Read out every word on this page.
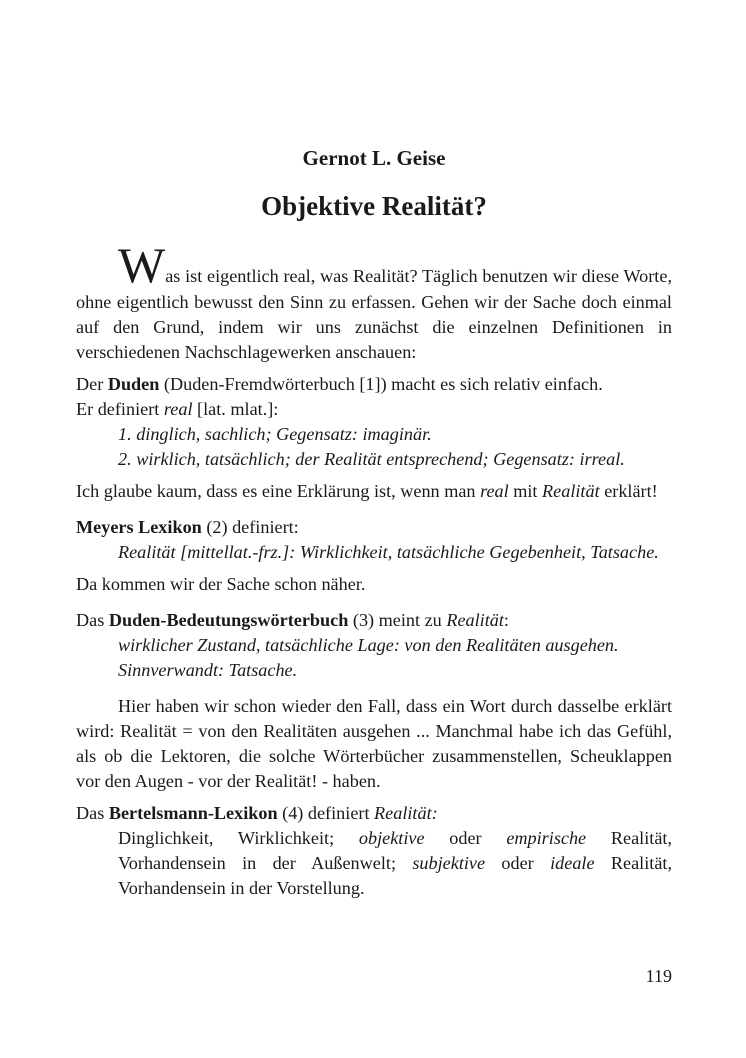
Gernot L. Geise
Objektive Realität?

Was ist eigentlich real, was Realität? Täglich benutzen wir diese Worte, ohne eigentlich bewusst den Sinn zu erfassen. Gehen wir der Sache doch einmal auf den Grund, indem wir uns zunächst die einzelnen Definitionen in verschiedenen Nachschlagewerken anschauen:

Der Duden (Duden-Fremdwörterbuch [1]) macht es sich relativ einfach.
Er definiert real [lat. mlat.]:

1. dinglich, sachlich; Gegensatz: imaginär.

2. wirklich, tatsächlich; der Realität entsprechend; Gegensatz: irreal.

Ich glaube kaum, dass es eine Erklärung ist, wenn man real mit Realität erklärt!

Meyers Lexikon (2) definiert:

Realität [mittellat.-frz.]: Wirklichkeit, tatsächliche Gegebenheit, Tatsache.

Da kommen wir der Sache schon näher.

Das Duden-Bedeutungswörterbuch (3) meint zu Realität:

wirklicher Zustand, tatsächliche Lage: von den Realitäten ausgehen.

Sinnverwandt: Tatsache.

Hier haben wir schon wieder den Fall, dass ein Wort durch dasselbe erklärt wird: Realität = von den Realitäten ausgehen ... Manchmal habe ich das Gefühl, als ob die Lektoren, die solche Wörterbücher zusammenstellen, Scheuklappen vor den Augen - vor der Realität! - haben.

Das Bertelsmann-Lexikon (4) definiert Realität:

Dinglichkeit, Wirklichkeit; objektive oder empirische Realität, Vorhandensein in der Außenwelt; subjektive oder ideale Realität, Vorhandensein in der Vorstellung.

119
